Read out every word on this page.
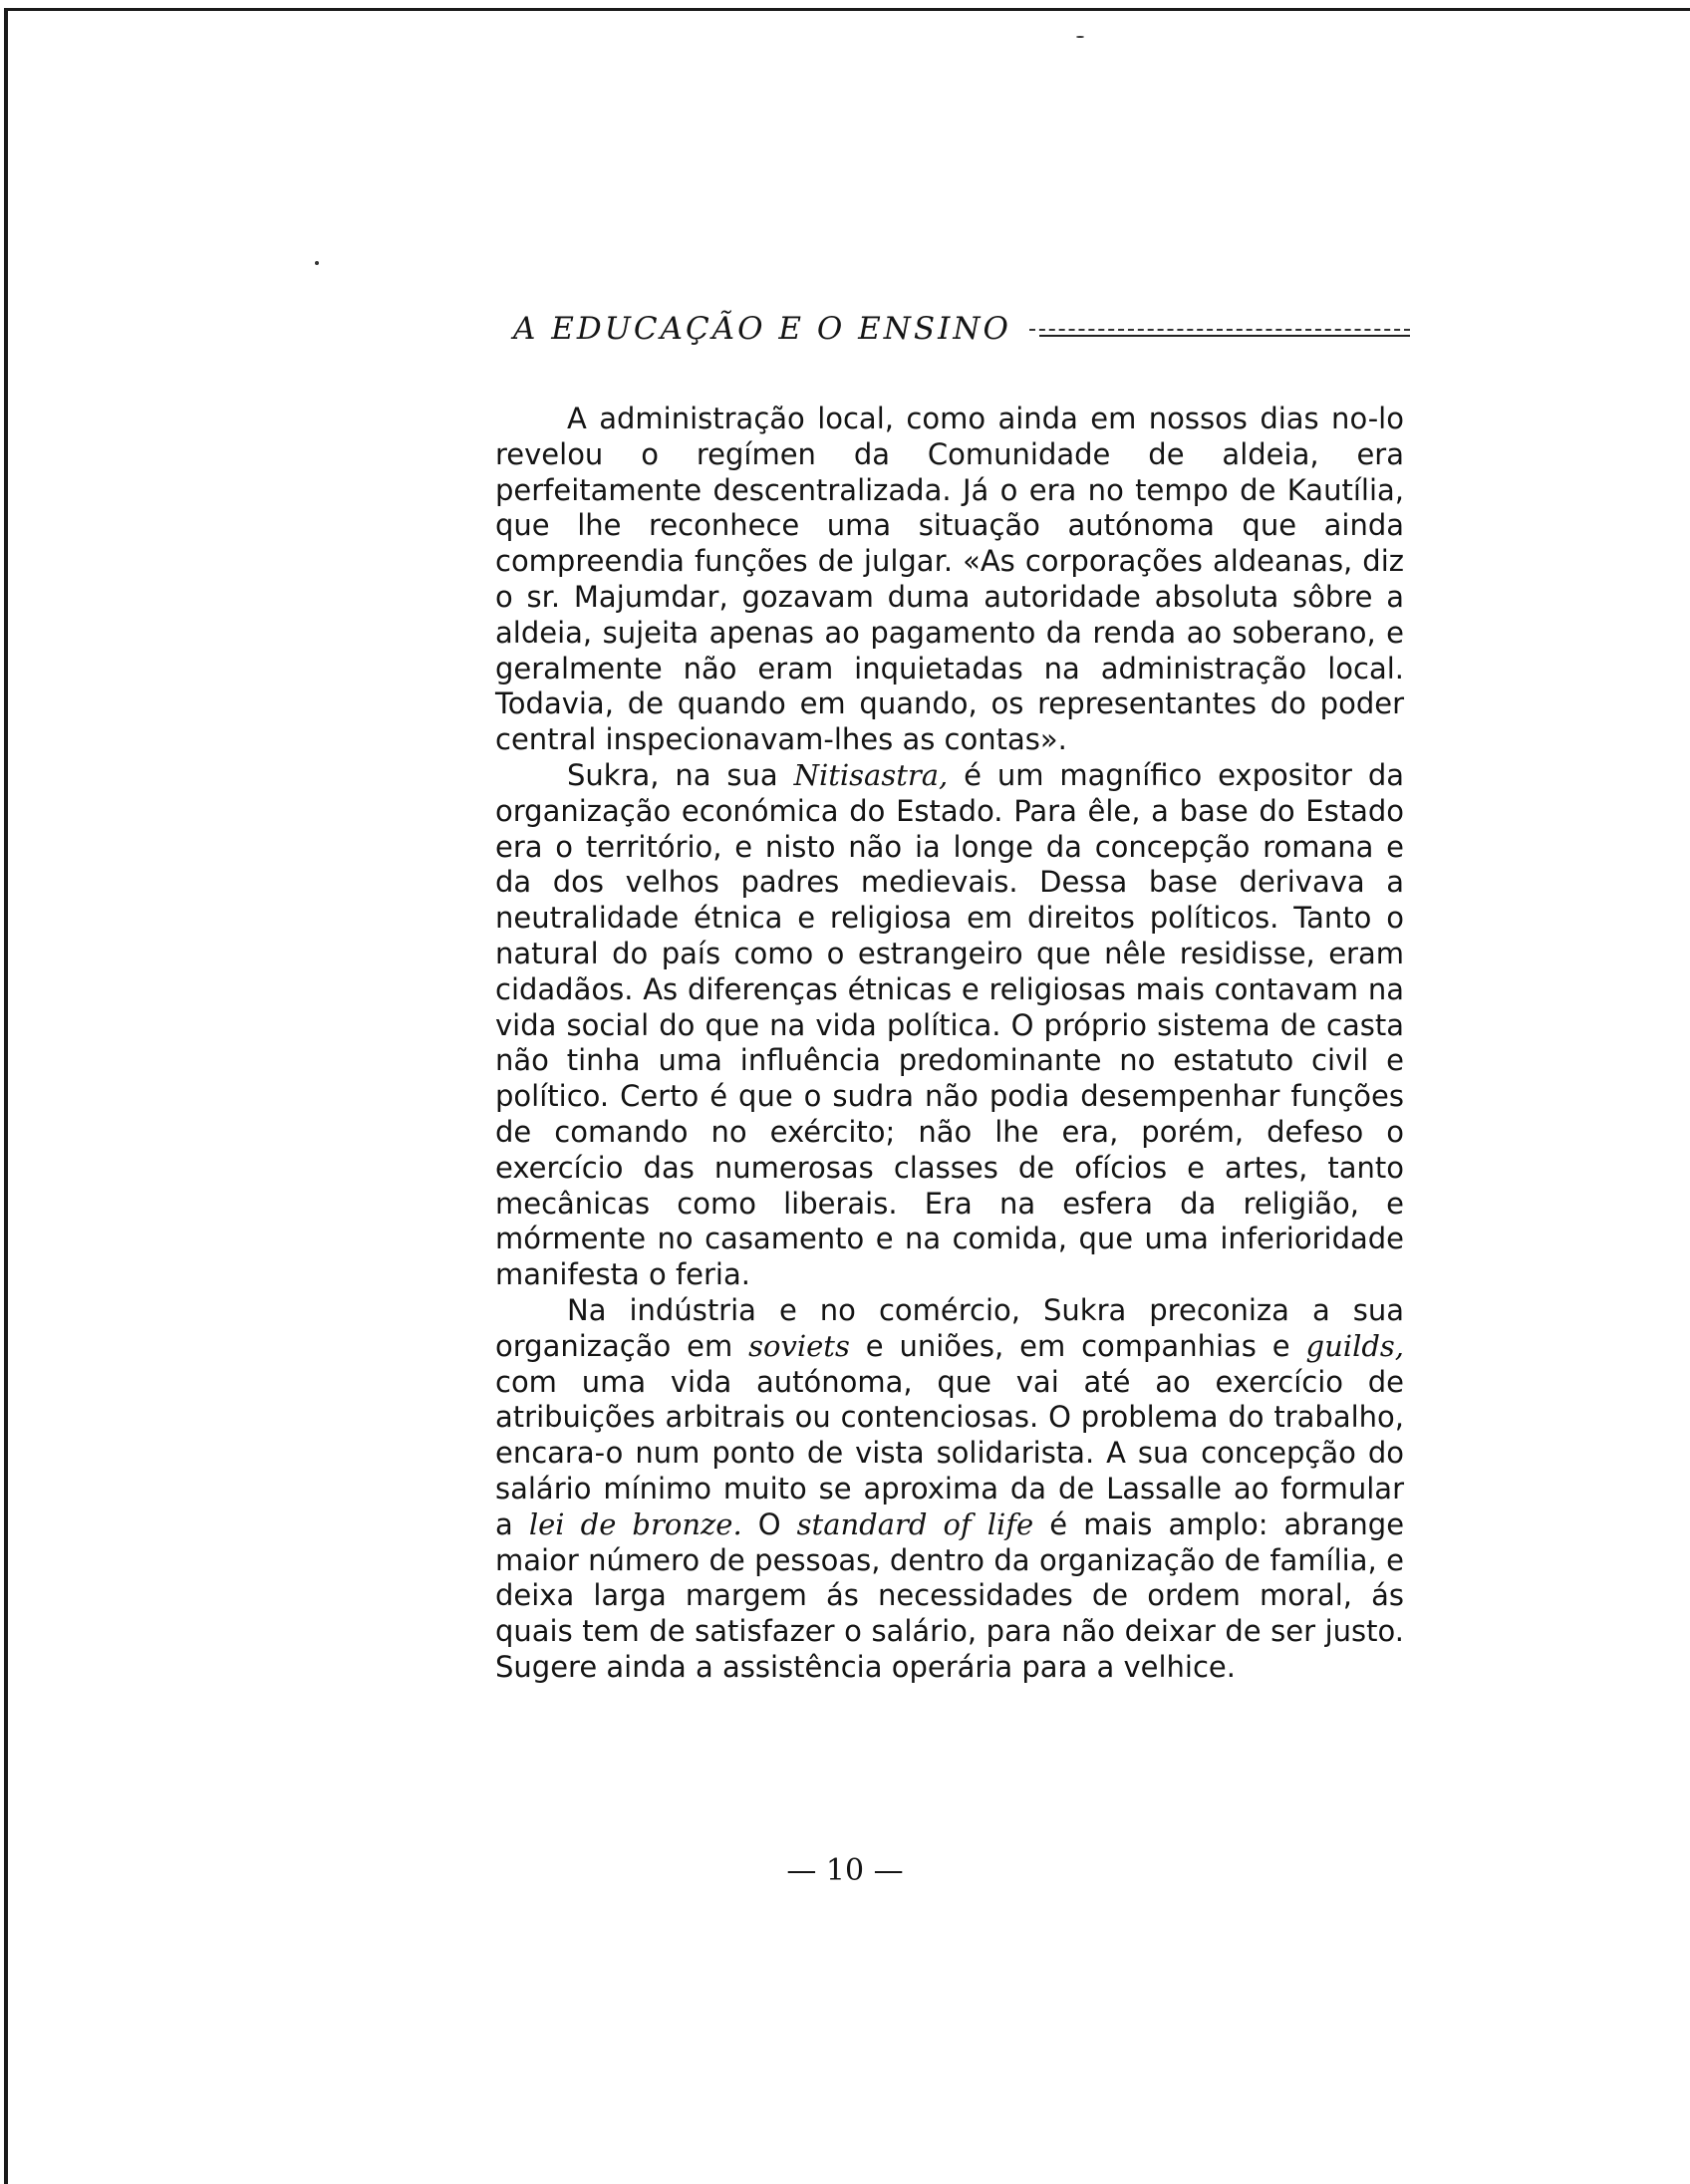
A EDUCAÇÃO E O ENSINO

A administração local, como ainda em nossos dias no-lo revelou o regímen da Comunidade de aldeia, era perfeitamente descentralizada. Já o era no tempo de Kautília, que lhe reconhece uma situação autónoma que ainda compreendia funções de julgar. «As corporações aldeanas, diz o sr. Majumdar, gozavam duma autoridade absoluta sôbre a aldeia, sujeita apenas ao pagamento da renda ao soberano, e geralmente não eram inquietadas na administração local. Todavia, de quando em quando, os representantes do poder central inspecionavam-lhes as contas».

Sukra, na sua Nitisastra, é um magnífico expositor da organização económica do Estado. Para êle, a base do Estado era o território, e nisto não ia longe da concepção romana e da dos velhos padres medievais. Dessa base derivava a neutralidade étnica e religiosa em direitos políticos. Tanto o natural do país como o estrangeiro que nêle residisse, eram cidadãos. As diferenças étnicas e religiosas mais contavam na vida social do que na vida política. O próprio sistema de casta não tinha uma influência predominante no estatuto civil e político. Certo é que o sudra não podia desempenhar funções de comando no exército; não lhe era, porém, defeso o exercício das numerosas classes de ofícios e artes, tanto mecânicas como liberais. Era na esfera da religião, e mórmente no casamento e na comida, que uma inferioridade manifesta o feria.

Na indústria e no comércio, Sukra preconiza a sua organização em soviets e uniões, em companhias e guilds, com uma vida autónoma, que vai até ao exercício de atribuições arbitrais ou contenciosas. O problema do trabalho, encara-o num ponto de vista solidarista. A sua concepção do salário mínimo muito se aproxima da de Lassalle ao formular a lei de bronze. O standard of life é mais amplo: abrange maior número de pessoas, dentro da organização de família, e deixa larga margem ás necessidades de ordem moral, ás quais tem de satisfazer o salário, para não deixar de ser justo. Sugere ainda a assistência operária para a velhice.

— 10 —
